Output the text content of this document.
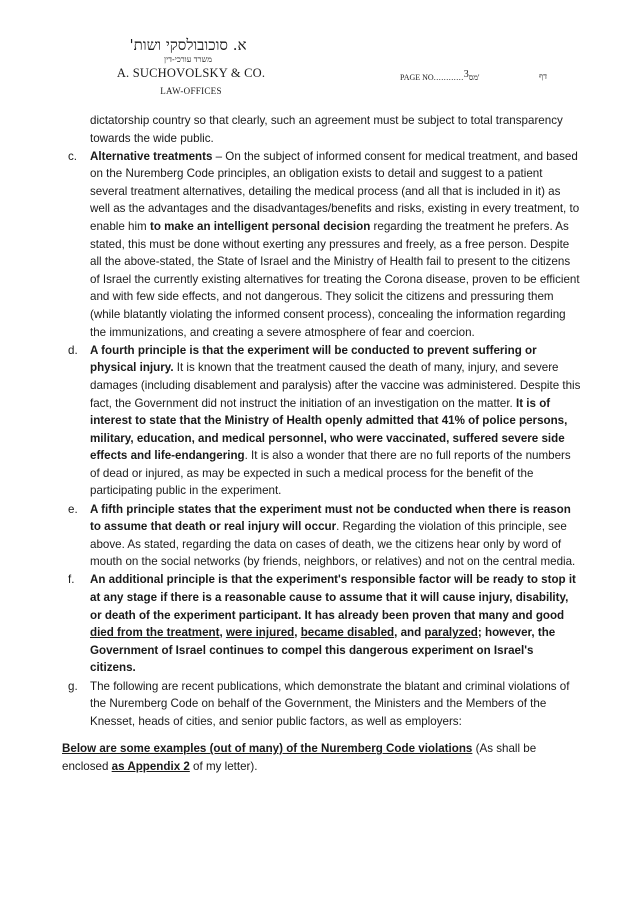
א. סוכובולסקי ושות'
משרד עורכי-דין
A. SUCHOVOLSKY & CO.
LAW-OFFICES
PAGE NO............3מס'	דף

dictatorship country so that clearly, such an agreement must be subject to total transparency towards the wide public.

c.	Alternative treatments – On the subject of informed consent for medical treatment, and based on the Nuremberg Code principles, an obligation exists to detail and suggest to a patient several treatment alternatives, detailing the medical process (and all that is included in it) as well as the advantages and the disadvantages/benefits and risks, existing in every treatment, to enable him to make an intelligent personal decision regarding the treatment he prefers. As stated, this must be done without exerting any pressures and freely, as a free person. Despite all the above-stated, the State of Israel and the Ministry of Health fail to present to the citizens of Israel the currently existing alternatives for treating the Corona disease, proven to be efficient and with few side effects, and not dangerous. They solicit the citizens and pressuring them (while blatantly violating the informed consent process), concealing the information regarding the immunizations, and creating a severe atmosphere of fear and coercion.

d.	A fourth principle is that the experiment will be conducted to prevent suffering or physical injury. It is known that the treatment caused the death of many, injury, and severe damages (including disablement and paralysis) after the vaccine was administered. Despite this fact, the Government did not instruct the initiation of an investigation on the matter. It is of interest to state that the Ministry of Health openly admitted that 41% of police persons, military, education, and medical personnel, who were vaccinated, suffered severe side effects and life-endangering. It is also a wonder that there are no full reports of the numbers of dead or injured, as may be expected in such a medical process for the benefit of the participating public in the experiment.

e.	A fifth principle states that the experiment must not be conducted when there is reason to assume that death or real injury will occur. Regarding the violation of this principle, see above. As stated, regarding the data on cases of death, we the citizens hear only by word of mouth on the social networks (by friends, neighbors, or relatives) and not on the central media.

f.	An additional principle is that the experiment's responsible factor will be ready to stop it at any stage if there is a reasonable cause to assume that it will cause injury, disability, or death of the experiment participant. It has already been proven that many and good died from the treatment, were injured, became disabled, and paralyzed; however, the Government of Israel continues to compel this dangerous experiment on Israel's citizens.

g.	The following are recent publications, which demonstrate the blatant and criminal violations of the Nuremberg Code on behalf of the Government, the Ministers and the Members of the Knesset, heads of cities, and senior public factors, as well as employers:

Below are some examples (out of many) of the Nuremberg Code violations (As shall be enclosed as Appendix 2 of my letter).
